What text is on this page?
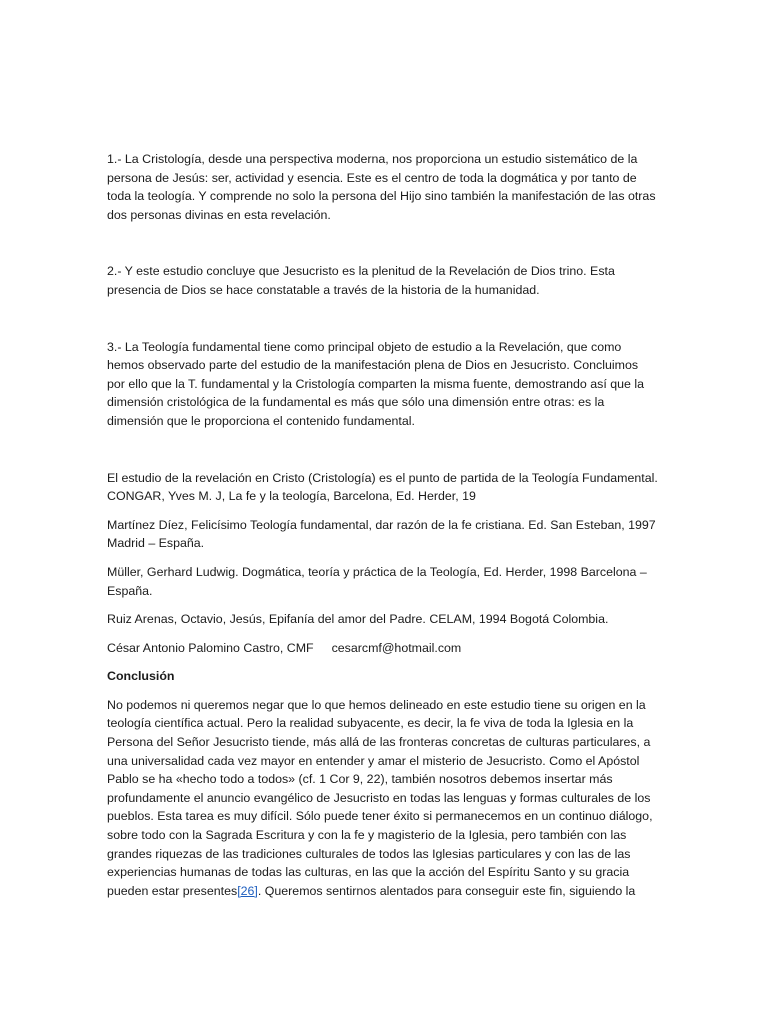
1.- La Cristología, desde una perspectiva moderna, nos proporciona un estudio sistemático de la persona de Jesús: ser, actividad y esencia. Este es el centro de toda la dogmática y por tanto de toda la teología. Y comprende no solo la persona del Hijo sino también la manifestación de las otras dos personas divinas en esta revelación.

2.- Y este estudio concluye que Jesucristo es la plenitud de la Revelación de Dios trino. Esta presencia de Dios se hace constatable a través de la historia de la humanidad.

3.- La Teología fundamental tiene como principal objeto de estudio a la Revelación, que como hemos observado parte del estudio de la manifestación plena de Dios en Jesucristo. Concluimos por ello que la T. fundamental y la Cristología comparten la misma fuente, demostrando así que la dimensión cristológica de la fundamental es más que sólo una dimensión entre otras: es la dimensión que le proporciona el contenido fundamental.

El estudio de la revelación en Cristo (Cristología) es el punto de partida de la Teología Fundamental. CONGAR, Yves M. J, La fe y la teología, Barcelona, Ed. Herder, 19

Martínez Díez, Felicísimo Teología fundamental, dar razón de la fe cristiana. Ed. San Esteban, 1997 Madrid – España.

Müller, Gerhard Ludwig. Dogmática, teoría y práctica de la Teología, Ed. Herder, 1998 Barcelona – España.

Ruiz Arenas, Octavio, Jesús, Epifanía del amor del Padre. CELAM, 1994 Bogotá Colombia.

César Antonio Palomino Castro, CMF cesarcmf@hotmail.com

Conclusión

No podemos ni queremos negar que lo que hemos delineado en este estudio tiene su origen en la teología científica actual. Pero la realidad subyacente, es decir, la fe viva de toda la Iglesia en la Persona del Señor Jesucristo tiende, más allá de las fronteras concretas de culturas particulares, a una universalidad cada vez mayor en entender y amar el misterio de Jesucristo. Como el Apóstol Pablo se ha «hecho todo a todos» (cf. 1 Cor 9, 22), también nosotros debemos insertar más profundamente el anuncio evangélico de Jesucristo en todas las lenguas y formas culturales de los pueblos. Esta tarea es muy difícil. Sólo puede tener éxito si permanecemos en un continuo diálogo, sobre todo con la Sagrada Escritura y con la fe y magisterio de la Iglesia, pero también con las grandes riquezas de las tradiciones culturales de todos las Iglesias particulares y con las de las experiencias humanas de todas las culturas, en las que la acción del Espíritu Santo y su gracia pueden estar presentes[26]. Queremos sentirnos alentados para conseguir este fin, siguiendo la
